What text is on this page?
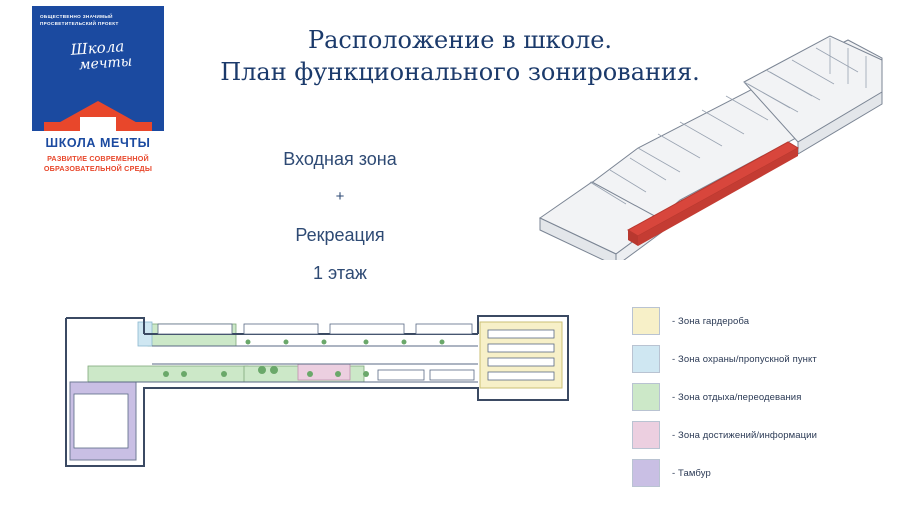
ОБЩЕСТВЕННО ЗНАЧИМЫЙ ПРОСВЕТИТЕЛЬСКИЙ ПРОЕКТ
Школа
мечты
ШКОЛА МЕЧТЫ
РАЗВИТИЕ СОВРЕМЕННОЙ
ОБРАЗОВАТЕЛЬНОЙ СРЕДЫ
Расположение в школе.
План функционального зонирования.
Входная зона
+
Рекреация
1 этаж
- Зона гардероба
- Зона охраны/пропускной пункт
- Зона отдыха/переодевания
- Зона достижений/информации
- Тамбур
